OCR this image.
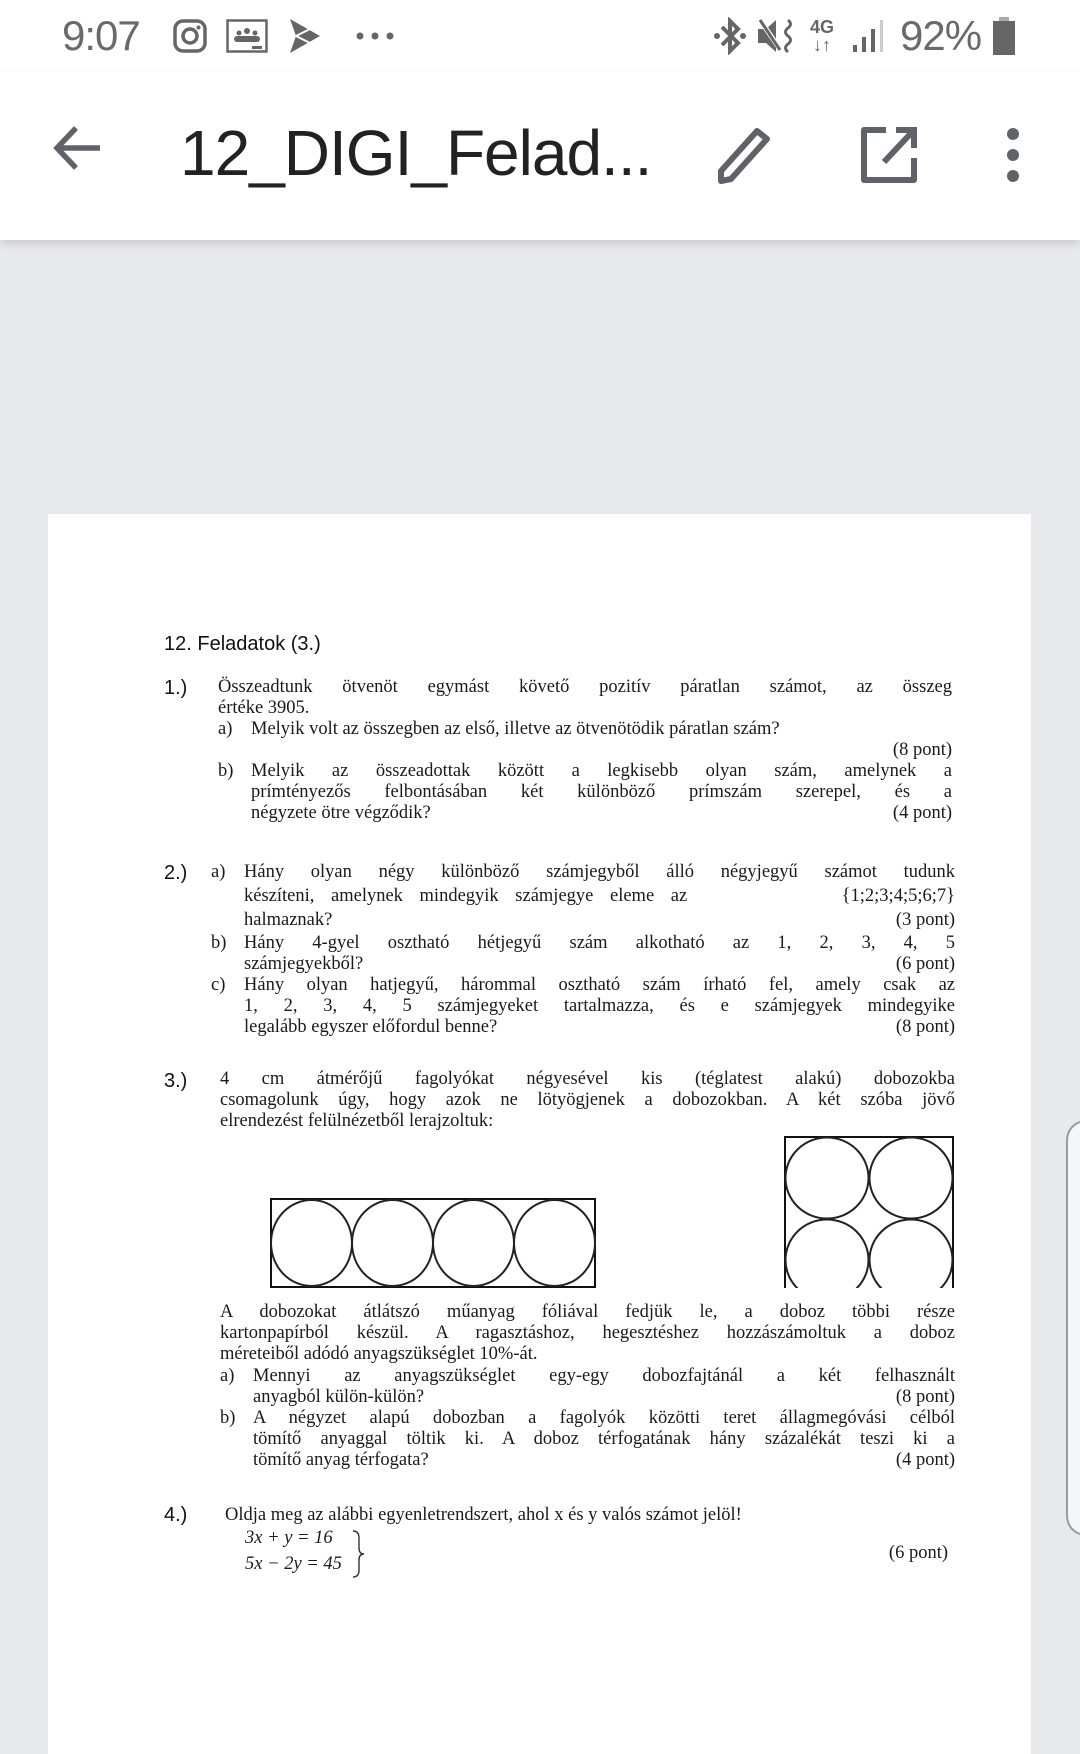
9:07	4G
↓↑ 92%
12_DIGI_Felad...
12. Feladatok (3.)
1.) Összeadtunk ötvenöt egymást követő pozitív páratlan számot, az összeg
értéke 3905.
a) Melyik volt az összegben az első, illetve az ötvenötödik páratlan szám?
(8 pont)
b) Melyik az összeadottak között a legkisebb olyan szám, amelynek a
prímtényezős felbontásában két különböző prímszám szerepel, és a
négyzete ötre végződik?	(4 pont)
2.) a) Hány olyan négy különböző számjegyből álló négyjegyű számot tudunk
készíteni, amelynek mindegyik számjegye eleme az	{1;2;3;4;5;6;7}
halmaznak?	(3 pont)
b) Hány 4-gyel osztható hétjegyű szám alkotható az 1, 2, 3, 4, 5
számjegyekből?	(6 pont)
c) Hány olyan hatjegyű, hárommal osztható szám írható fel, amely csak az
1, 2, 3, 4, 5 számjegyeket tartalmazza, és e számjegyek mindegyike
legalább egyszer előfordul benne?	(8 pont)
3.) 4 cm átmérőjű fagolyókat négyesével kis (téglatest alakú) dobozokba
csomagolunk úgy, hogy azok ne lötyögjenek a dobozokban. A két szóba jövő
elrendezést felülnézetből lerajzoltuk:
A dobozokat átlátszó műanyag fóliával fedjük le, a doboz többi része
kartonpapírból készül. A ragasztáshoz, hegesztéshez hozzászámoltuk a doboz
méreteiből adódó anyagszükséglet 10%-át.
a) Mennyi az anyagszükséglet egy-egy dobozfajtánál a két felhasznált
anyagból külön-külön?	(8 pont)
b) A négyzet alapú dobozban a fagolyók közötti teret állagmegóvási célból
tömítő anyaggal töltik ki. A doboz térfogatának hány százalékát teszi ki a
tömítő anyag térfogata?	(4 pont)
4.) Oldja meg az alábbi egyenletrendszert, ahol x és y valós számot jelöl!
3x + y = 16
5x − 2y = 45
(6 pont)
